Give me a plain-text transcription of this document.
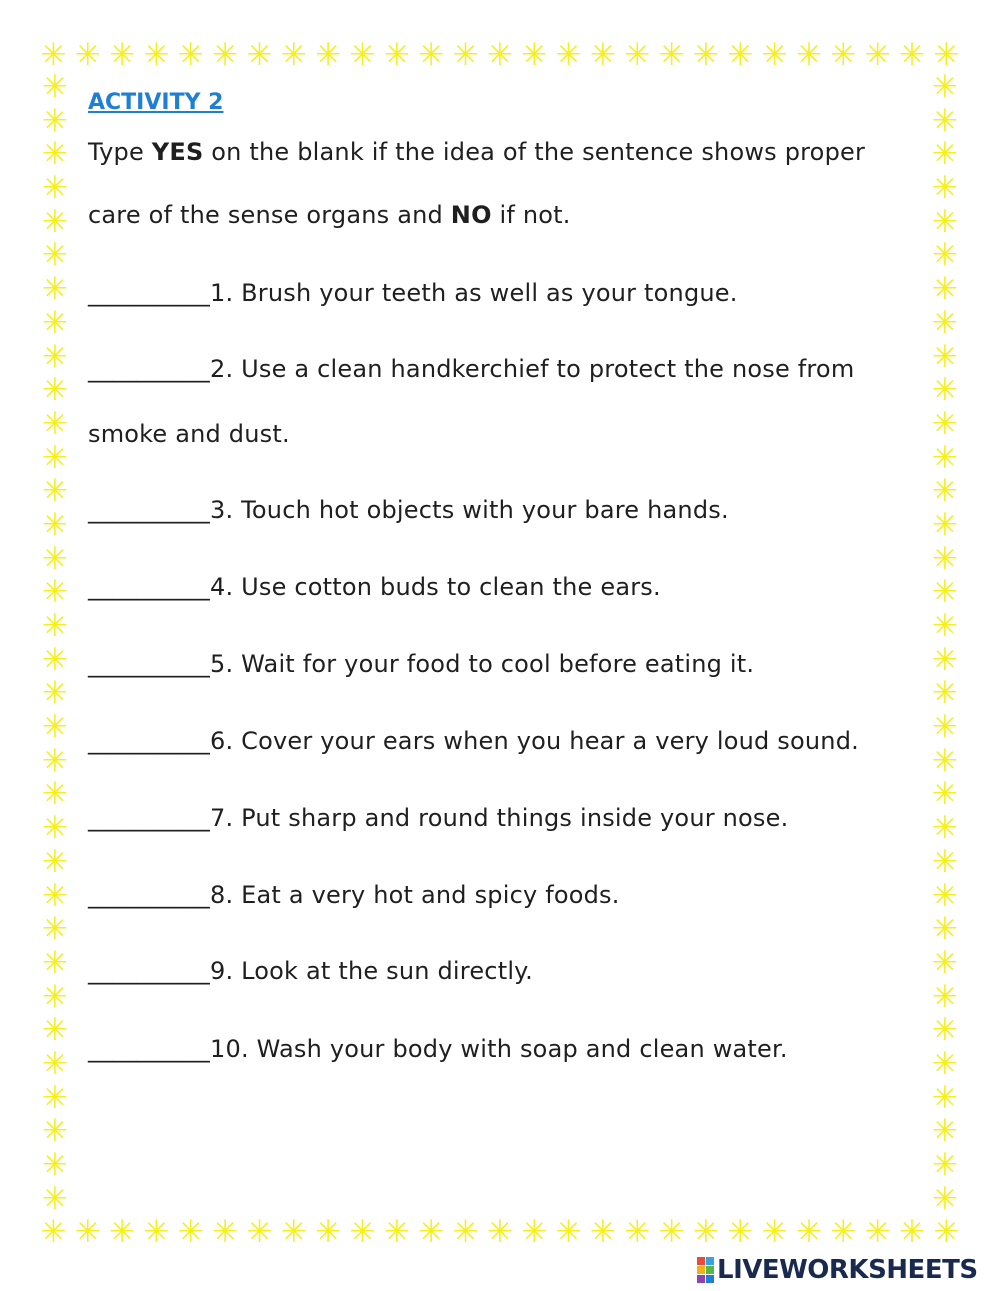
✳ ✳ ✳ ✳ ✳ ✳ ✳ ✳ ✳ ✳ ✳ ✳ ✳ ✳ ✳ ✳ ✳ ✳ ✳ ✳ ✳ ✳ ✳ ✳ ✳ ✳ ✳
✳ ✳ ✳ ✳ ✳ ✳ ✳ ✳ ✳ ✳ ✳ ✳ ✳ ✳ ✳ ✳ ✳ ✳ ✳ ✳ ✳ ✳ ✳ ✳ ✳ ✳ ✳
✳
✳
✳
✳
✳
✳
✳
✳
✳
✳
✳
✳
✳
✳
✳
✳
✳
✳
✳
✳
✳
✳
✳
✳
✳
✳
✳
✳
✳
✳
✳
✳
✳
✳
✳
✳
✳
✳
✳
✳
✳
✳
✳
✳
✳
✳
✳
✳
✳
✳
✳
✳
✳
✳
✳
✳
✳
✳
✳
✳
✳
✳
✳
✳
✳
✳
✳
✳
ACTIVITY 2
Type YES on the blank if the idea of the sentence shows proper
care of the sense organs and NO if not.
__________1. Brush your teeth as well as your tongue.
__________2. Use a clean handkerchief to protect the nose from
smoke and dust.
__________3. Touch hot objects with your bare hands.
__________4. Use cotton buds to clean the ears.
__________5. Wait for your food to cool before eating it.
__________6. Cover your ears when you hear a very loud sound.
__________7. Put sharp and round things inside your nose.
__________8. Eat a very hot and spicy foods.
__________9. Look at the sun directly.
__________10. Wash your body with soap and clean water.
LIVEWORKSHEETS
